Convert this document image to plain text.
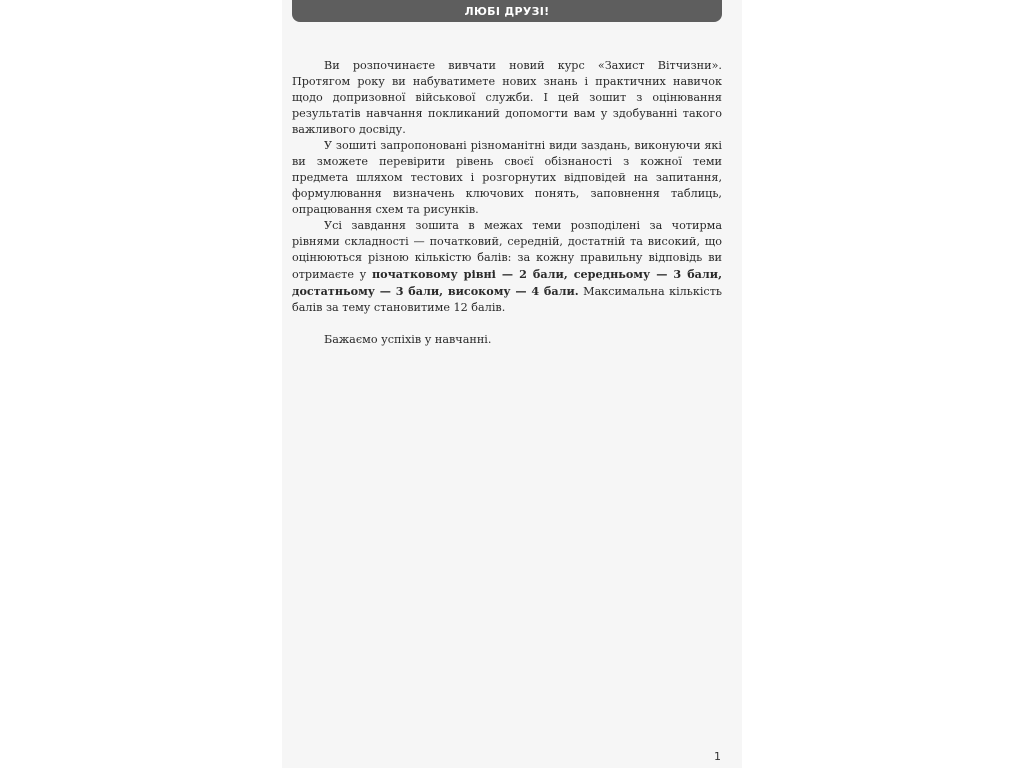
ЛЮБІ ДРУЗІ!

Ви розпочинаєте вивчати новий курс «Захист Вітчизни». Протягом року ви набуватимете нових знань і практичних навичок щодо допризовної військової служби. І цей зошит з оцінювання результатів навчання покликаний допомогти вам у здобуванні такого важливого досвіду.

У зошиті запропоновані різноманітні види заздань, виконуючи які ви зможете перевірити рівень своєї обізнаності з кожної теми предмета шляхом тестових і розгорнутих відповідей на запитання, формулювання визначень ключових понять, заповнення таблиць, опрацювання схем та рисунків.

Усі завдання зошита в межах теми розподілені за чотирма рівнями складності — початковий, середній, достатній та високий, що оцінюються різною кількістю балів: за кожну правильну відповідь ви отримаєте у початковому рівні — 2 бали, середньому — 3 бали, достатньому — 3 бали, високому — 4 бали. Максимальна кількість балів за тему становитиме 12 балів.

Бажаємо успіхів у навчанні.

1
